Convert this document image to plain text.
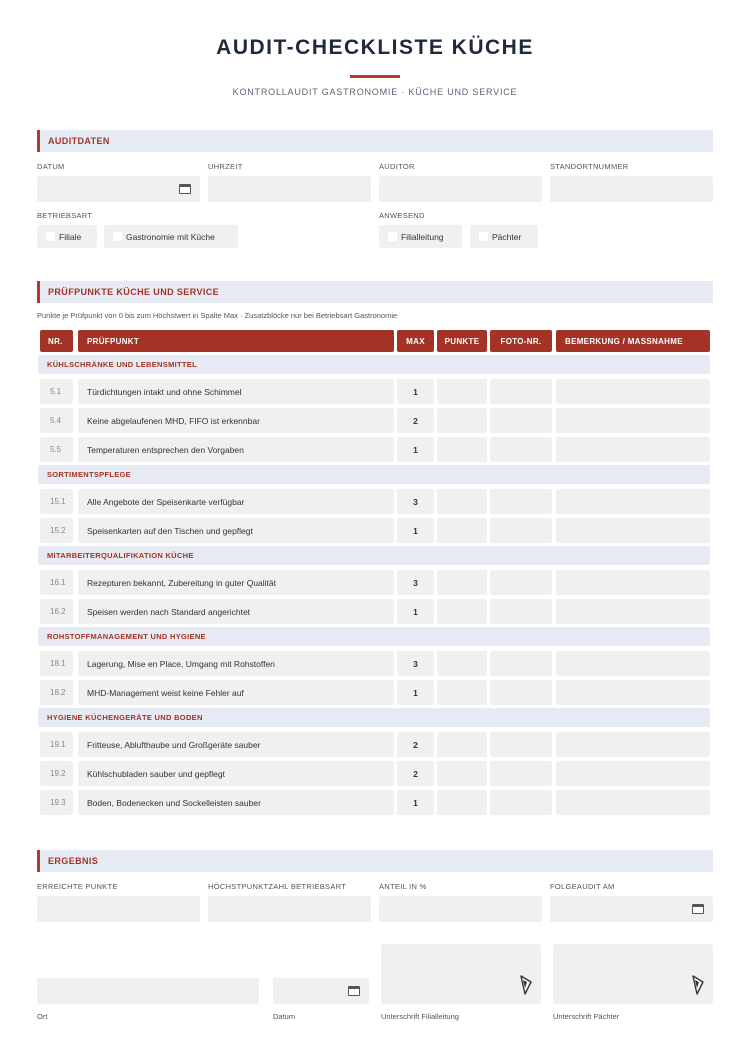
AUDIT-CHECKLISTE KÜCHE
KONTROLLAUDIT GASTRONOMIE · KÜCHE UND SERVICE
AUDITDATEN
DATUM	UHRZEIT	AUDITOR	STANDORTNUMMER
BETRIEBSART	ANWESEND
Filiale	Gastronomie mit Küche	Filialleitung	Pächter
PRÜFPUNKTE KÜCHE UND SERVICE
Punkte je Prüfpunkt von 0 bis zum Höchstwert in Spalte Max · Zusatzblöcke nur bei Betriebsart Gastronomie
NR.	PRÜFPUNKT	MAX	PUNKTE	FOTO-NR.	BEMERKUNG / MASSNAHME
KÜHLSCHRÄNKE UND LEBENSMITTEL
5.1	Türdichtungen intakt und ohne Schimmel	1
5.4	Keine abgelaufenen MHD, FIFO ist erkennbar	2
5.5	Temperaturen entsprechen den Vorgaben	1
SORTIMENTSPFLEGE
15.1	Alle Angebote der Speisenkarte verfügbar	3
15.2	Speisenkarten auf den Tischen und gepflegt	1
MITARBEITERQUALIFIKATION KÜCHE
16.1	Rezepturen bekannt, Zubereitung in guter Qualität	3
16.2	Speisen werden nach Standard angerichtet	1
ROHSTOFFMANAGEMENT UND HYGIENE
18.1	Lagerung, Mise en Place, Umgang mit Rohstoffen	3
18.2	MHD-Management weist keine Fehler auf	1
HYGIENE KÜCHENGERÄTE UND BODEN
19.1	Fritteuse, Ablufthaube und Großgeräte sauber	2
19.2	Kühlschubladen sauber und gepflegt	2
19.3	Boden, Bodenecken und Sockelleisten sauber	1
ERGEBNIS
ERREICHTE PUNKTE	HÖCHSTPUNKTZAHL BETRIEBSART	ANTEIL IN %	FOLGEAUDIT AM
Ort	Datum	Unterschrift Filialleitung	Unterschrift Pächter
